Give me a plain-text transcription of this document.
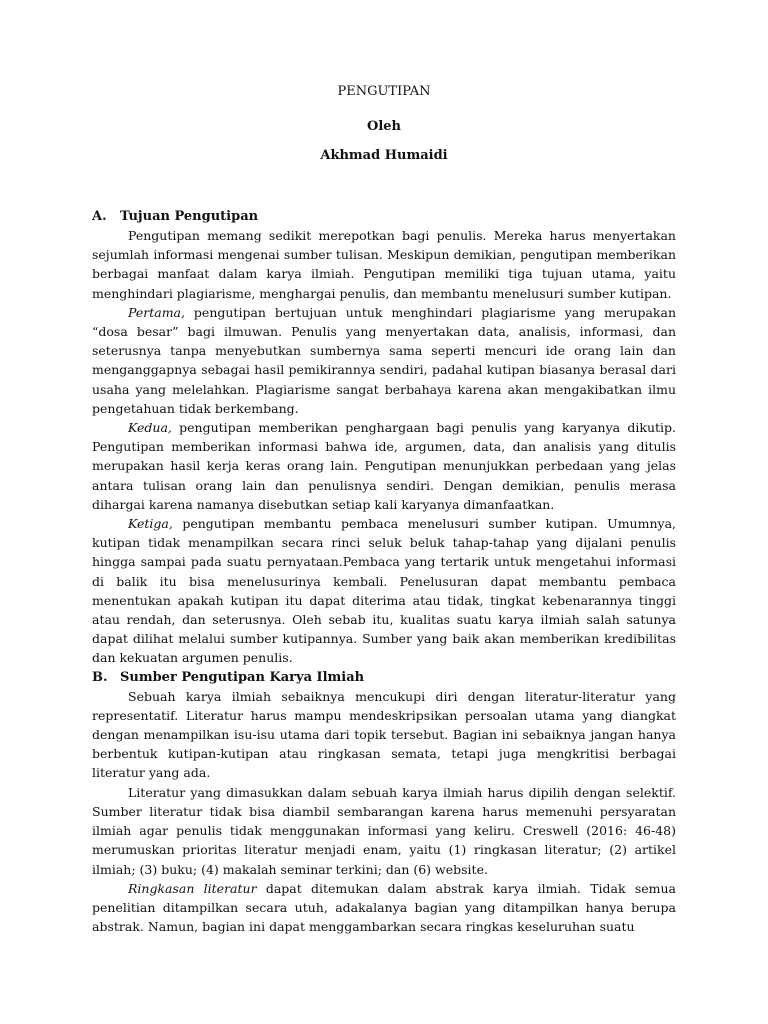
PENGUTIPAN
Oleh
Akhmad Humaidi
A.	Tujuan Pengutipan

Pengutipan memang sedikit merepotkan bagi penulis. Mereka harus menyertakan sejumlah informasi mengenai sumber tulisan. Meskipun demikian, pengutipan memberikan berbagai manfaat dalam karya ilmiah. Pengutipan memiliki tiga tujuan utama, yaitu menghindari plagiarisme, menghargai penulis, dan membantu menelusuri sumber kutipan.

Pertama, pengutipan bertujuan untuk menghindari plagiarisme yang merupakan “dosa besar” bagi ilmuwan. Penulis yang menyertakan data, analisis, informasi, dan seterusnya tanpa menyebutkan sumbernya sama seperti mencuri ide orang lain dan menganggapnya sebagai hasil pemikirannya sendiri, padahal kutipan biasanya berasal dari usaha yang melelahkan. Plagiarisme sangat berbahaya karena akan mengakibatkan ilmu pengetahuan tidak berkembang.

Kedua, pengutipan memberikan penghargaan bagi penulis yang karyanya dikutip. Pengutipan memberikan informasi bahwa ide, argumen, data, dan analisis yang ditulis merupakan hasil kerja keras orang lain. Pengutipan menunjukkan perbedaan yang jelas antara tulisan orang lain dan penulisnya sendiri. Dengan demikian, penulis merasa dihargai karena namanya disebutkan setiap kali karyanya dimanfaatkan.

Ketiga, pengutipan membantu pembaca menelusuri sumber kutipan. Umumnya, kutipan tidak menampilkan secara rinci seluk beluk tahap-tahap yang dijalani penulis hingga sampai pada suatu pernyataan.Pembaca yang tertarik untuk mengetahui informasi di balik itu bisa menelusurinya kembali. Penelusuran dapat membantu pembaca menentukan apakah kutipan itu dapat diterima atau tidak, tingkat kebenarannya tinggi atau rendah, dan seterusnya. Oleh sebab itu, kualitas suatu karya ilmiah salah satunya dapat dilihat melalui sumber kutipannya. Sumber yang baik akan memberikan kredibilitas dan kekuatan argumen penulis.

B. Sumber Pengutipan Karya Ilmiah

Sebuah karya ilmiah sebaiknya mencukupi diri dengan literatur-literatur yang representatif. Literatur harus mampu mendeskripsikan persoalan utama yang diangkat dengan menampilkan isu-isu utama dari topik tersebut. Bagian ini sebaiknya jangan hanya berbentuk kutipan-kutipan atau ringkasan semata, tetapi juga mengkritisi berbagai literatur yang ada.

Literatur yang dimasukkan dalam sebuah karya ilmiah harus dipilih dengan selektif. Sumber literatur tidak bisa diambil sembarangan karena harus memenuhi persyaratan ilmiah agar penulis tidak menggunakan informasi yang keliru. Creswell (2016: 46-48) merumuskan prioritas literatur menjadi enam, yaitu (1) ringkasan literatur; (2) artikel ilmiah; (3) buku; (4) makalah seminar terkini; dan (6) website.

Ringkasan literatur dapat ditemukan dalam abstrak karya ilmiah. Tidak semua penelitian ditampilkan secara utuh, adakalanya bagian yang ditampilkan hanya berupa abstrak. Namun, bagian ini dapat menggambarkan secara ringkas keseluruhan suatu
